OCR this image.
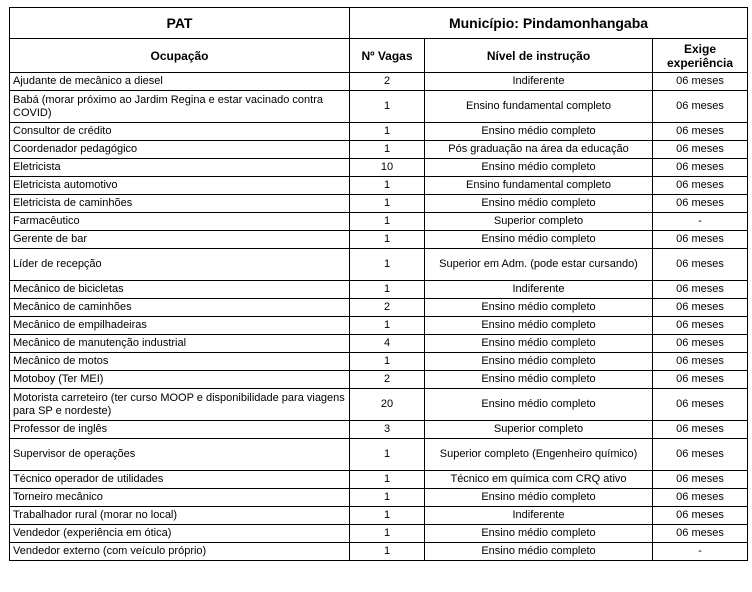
PAT	Município: Pindamonhangaba		
Ocupação	Nº Vagas	Nível de instrução	Exige experiência
Ajudante de mecânico a diesel	2	Indiferente	06 meses
Babá (morar próximo ao Jardim Regina e estar vacinado contra COVID)	1	Ensino fundamental completo	06 meses
Consultor de crédito	1	Ensino médio completo	06 meses
Coordenador pedagógico	1	Pós graduação na área da educação	06 meses
Eletricista	10	Ensino médio completo	06 meses
Eletricista automotivo	1	Ensino fundamental completo	06 meses
Eletricista de caminhões	1	Ensino médio completo	06 meses
Farmacêutico	1	Superior completo	-
Gerente de bar	1	Ensino médio completo	06 meses
Líder de recepção	1	Superior em Adm. (pode estar cursando)	06 meses
Mecânico de bicicletas	1	Indiferente	06 meses
Mecânico de caminhões	2	Ensino médio completo	06 meses
Mecânico de empilhadeiras	1	Ensino médio completo	06 meses
Mecânico de manutenção industrial	4	Ensino médio completo	06 meses
Mecânico de motos	1	Ensino médio completo	06 meses
Motoboy (Ter MEI)	2	Ensino médio completo	06 meses
Motorista carreteiro (ter curso MOOP e disponibilidade para viagens para SP e nordeste)	20	Ensino médio completo	06 meses
Professor de inglês	3	Superior completo	06 meses
Supervisor de operações	1	Superior completo (Engenheiro químico)	06 meses
Técnico operador de utilidades	1	Técnico em química com CRQ ativo	06 meses
Torneiro mecânico	1	Ensino médio completo	06 meses
Trabalhador rural (morar no local)	1	Indiferente	06 meses
Vendedor (experiência em ótica)	1	Ensino médio completo	06 meses
Vendedor externo (com veículo próprio)	1	Ensino médio completo	-
